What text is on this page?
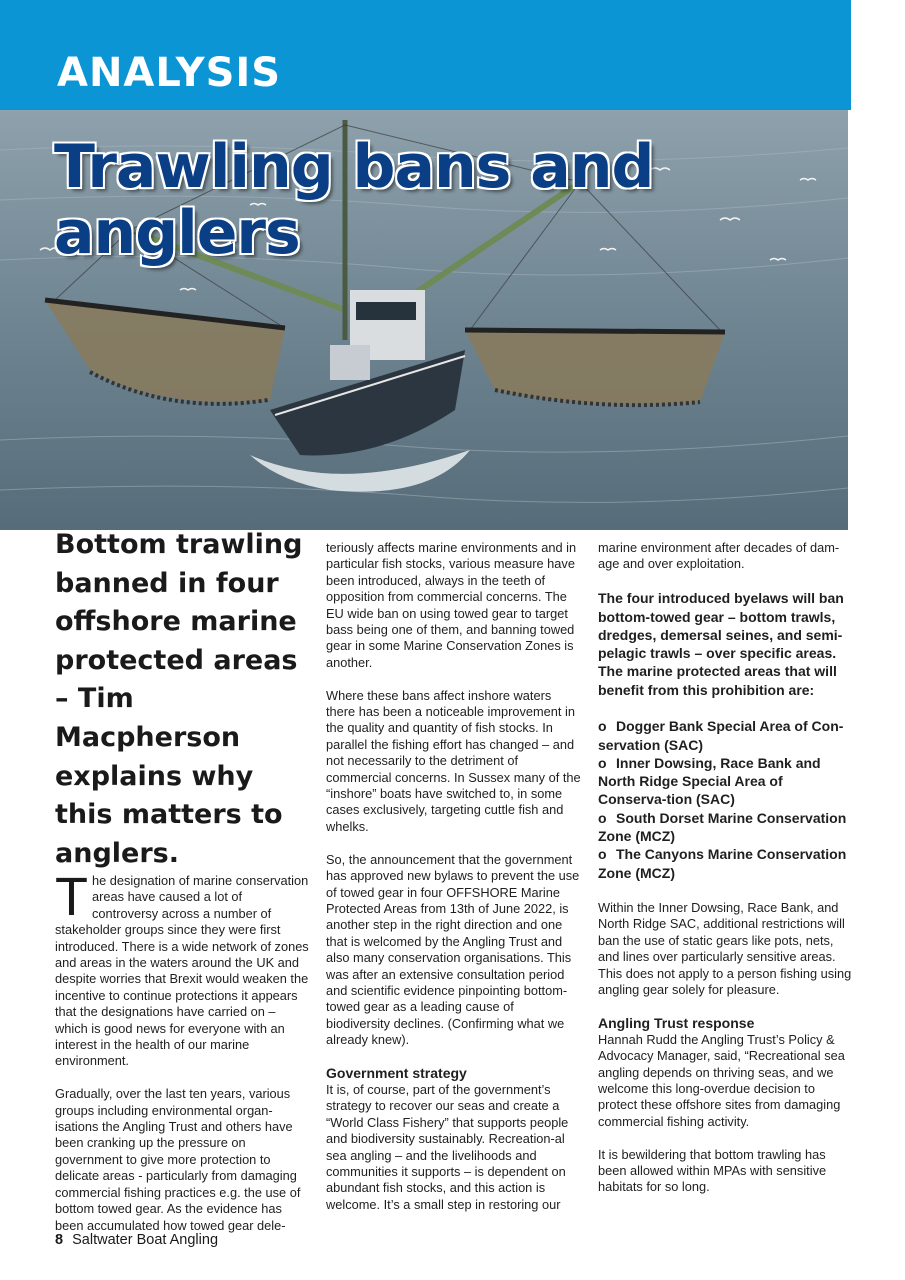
ANALYSIS
Trawling bans and anglers
Bottom trawling banned in four offshore marine protected areas – Tim Macpherson explains why this matters to anglers.

The designation of marine conservation areas have caused a lot of controversy across a number of stakeholder groups since they were first introduced. There is a wide network of zones and areas in the waters around the UK and despite worries that Brexit would weaken the incentive to continue protections it appears that the designations have carried on – which is good news for everyone with an interest in the health of our marine environment.

Gradually, over the last ten years, various groups including environmental organ-isations the Angling Trust and others have been cranking up the pressure on government to give more protection to delicate areas - particularly from damaging commercial fishing practices e.g. the use of bottom towed gear. As the evidence has been accumulated how towed gear dele-

teriously affects marine environments and in particular fish stocks, various measure have been introduced, always in the teeth of opposition from commercial concerns. The EU wide ban on using towed gear to target bass being one of them, and banning towed gear in some Marine Conservation Zones is another.

Where these bans affect inshore waters there has been a noticeable improvement in the quality and quantity of fish stocks. In parallel the fishing effort has changed – and not necessarily to the detriment of commercial concerns. In Sussex many of the “inshore” boats have switched to, in some cases exclusively, targeting cuttle fish and whelks.

So, the announcement that the government has approved new bylaws to prevent the use of towed gear in four OFFSHORE Marine Protected Areas from 13th of June 2022, is another step in the right direction and one that is welcomed by the Angling Trust and also many conservation organisations. This was after an extensive consultation period and scientific evidence pinpointing bottom-towed gear as a leading cause of biodiversity declines. (Confirming what we already knew).

Government strategy

It is, of course, part of the government’s strategy to recover our seas and create a “World Class Fishery” that supports people and biodiversity sustainably. Recreation-al sea angling – and the livelihoods and communities it supports – is dependent on abundant fish stocks, and this action is welcome. It’s a small step in restoring our

marine environment after decades of dam-age and over exploitation.

The four introduced byelaws will ban bottom-towed gear – bottom trawls, dredges, demersal seines, and semi-pelagic trawls – over specific areas.

The marine protected areas that will benefit from this prohibition are:

o Dogger Bank Special Area of Con-servation (SAC)
o Inner Dowsing, Race Bank and North Ridge Special Area of Conserva-tion (SAC)
o South Dorset Marine Conservation Zone (MCZ)
o The Canyons Marine Conservation Zone (MCZ)

Within the Inner Dowsing, Race Bank, and North Ridge SAC, additional restrictions will ban the use of static gears like pots, nets, and lines over particularly sensitive areas. This does not apply to a person fishing using angling gear solely for pleasure.

Angling Trust response

Hannah Rudd the Angling Trust’s Policy & Advocacy Manager, said, “Recreational sea angling depends on thriving seas, and we welcome this long-overdue decision to protect these offshore sites from damaging commercial fishing activity.

It is bewildering that bottom trawling has been allowed within MPAs with sensitive habitats for so long.

8 Saltwater Boat Angling
